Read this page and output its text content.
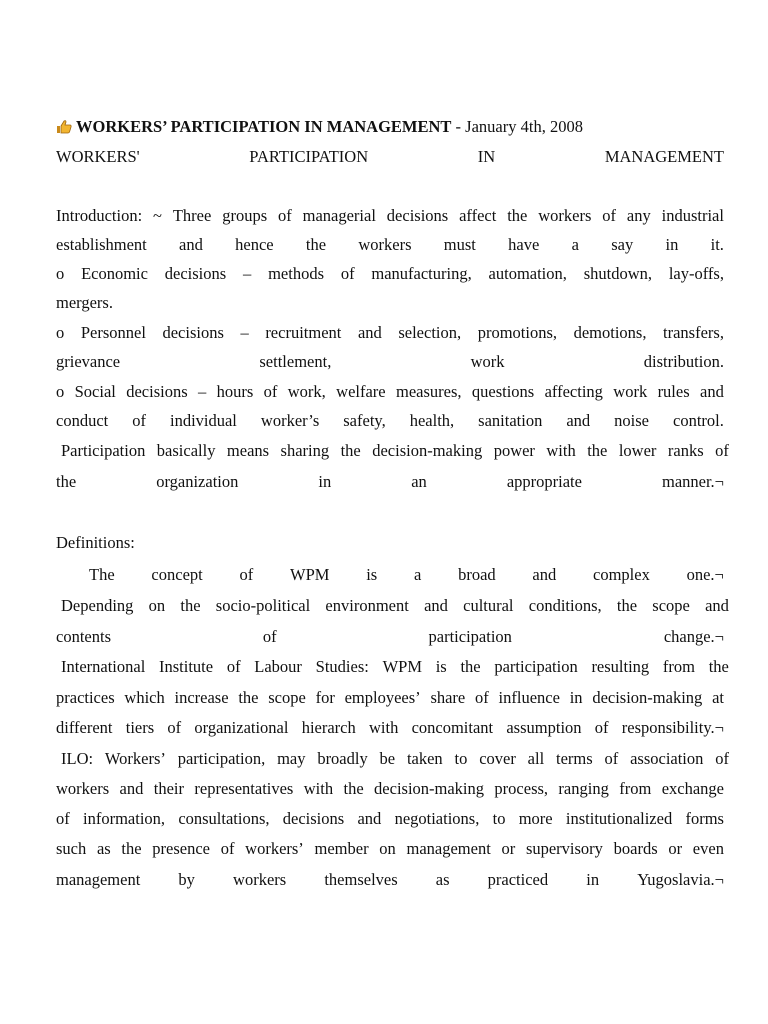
WORKERS’ PARTICIPATION IN MANAGEMENT - January 4th, 2008
WORKERS'	PARTICIPATION	IN	MANAGEMENT
Introduction: ~ Three groups of managerial decisions affect the workers of any industrial
establishment and hence the workers must have a say in it.
o Economic decisions – methods of manufacturing, automation, shutdown, lay-offs,
mergers.
o Personnel decisions – recruitment and selection, promotions, demotions, transfers,
grievance	settlement,	work	distribution.
o Social decisions – hours of work, welfare measures, questions affecting work rules and
conduct of individual worker’s safety, health, sanitation and noise control.
Participation basically means sharing the decision-making power with the lower ranks of
the	organization	in	an	appropriate	manner.¬
Definitions:
The concept of WPM is a broad and complex one.¬
Depending on the socio-political environment and cultural conditions, the scope and
contents	of	participation	change.¬
International Institute of Labour Studies: WPM is the participation resulting from the
practices which increase the scope for employees’ share of influence in decision-making at
different tiers of organizational hierarch with concomitant assumption of responsibility.¬
ILO: Workers’ participation, may broadly be taken to cover all terms of association of
workers and their representatives with the decision-making process, ranging from exchange
of information, consultations, decisions and negotiations, to more institutionalized forms
such as the presence of workers’ member on management or supervisory boards or even
management by workers themselves as practiced in Yugoslavia.¬
